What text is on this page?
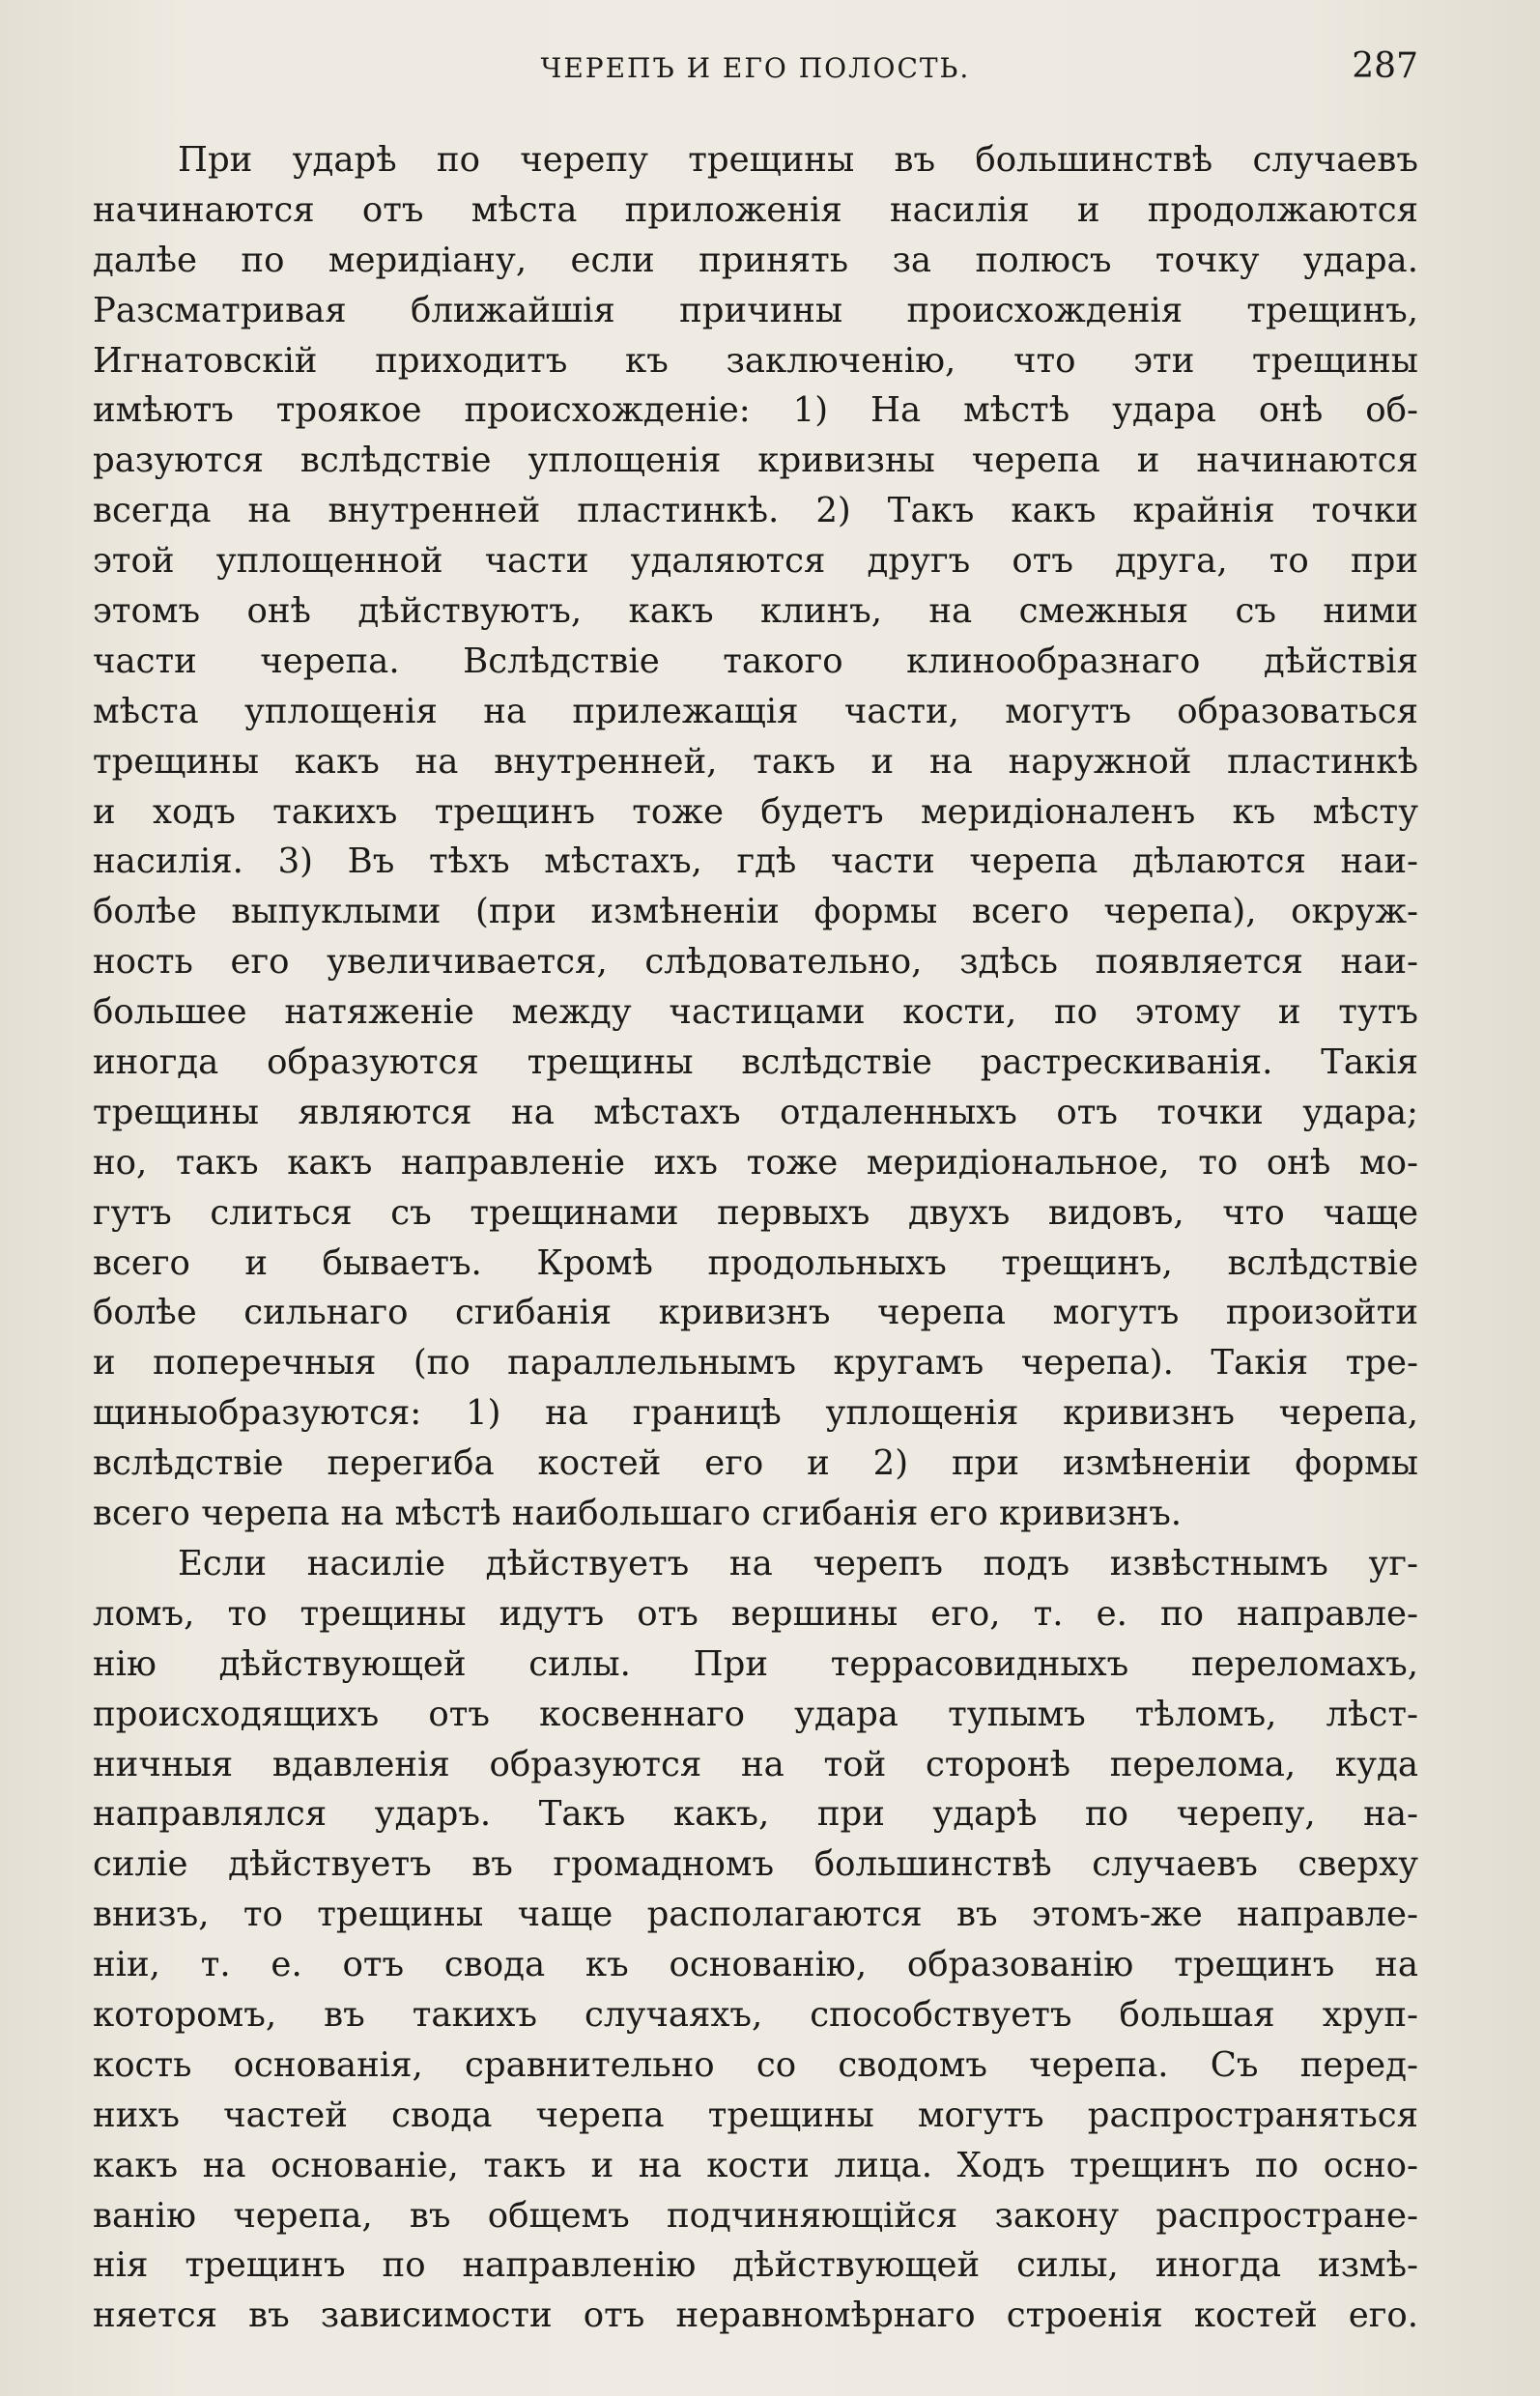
ЧЕРЕПЪ И ЕГО ПОЛОСТЬ.	287
При ударѣ по черепу трещины въ большинствѣ случаевъ
начинаются отъ мѣста приложенія насилія и продолжаются
далѣе по меридіану, если принять за полюсъ точку удара.
Разсматривая ближайшія причины происхожденія трещинъ,
Игнатовскій приходитъ къ заключенію, что эти трещины
имѣютъ троякое происхожденіе: 1) На мѣстѣ удара онѣ об-
разуются вслѣдствіе уплощенія кривизны черепа и начинаются
всегда на внутренней пластинкѣ. 2) Такъ какъ крайнія точки
этой уплощенной части удаляются другъ отъ друга, то при
этомъ онѣ дѣйствуютъ, какъ клинъ, на смежныя съ ними
части черепа. Вслѣдствіе такого клинообразнаго дѣйствія
мѣста уплощенія на прилежащія части, могутъ образоваться
трещины какъ на внутренней, такъ и на наружной пластинкѣ
и ходъ такихъ трещинъ тоже будетъ меридіоналенъ къ мѣсту
насилія. 3) Въ тѣхъ мѣстахъ, гдѣ части черепа дѣлаются наи-
болѣе выпуклыми (при измѣненіи формы всего черепа), окруж-
ность его увеличивается, слѣдовательно, здѣсь появляется наи-
большее натяженіе между частицами кости, по этому и тутъ
иногда образуются трещины вслѣдствіе растрескиванія. Такія
трещины являются на мѣстахъ отдаленныхъ отъ точки удара;
но, такъ какъ направленіе ихъ тоже меридіональное, то онѣ мо-
гутъ слиться съ трещинами первыхъ двухъ видовъ, что чаще
всего и бываетъ. Кромѣ продольныхъ трещинъ, вслѣдствіе
болѣе сильнаго сгибанія кривизнъ черепа могутъ произойти
и поперечныя (по параллельнымъ кругамъ черепа). Такія тре-
щиныобразуются: 1) на границѣ уплощенія кривизнъ черепа,
вслѣдствіе перегиба костей его и 2) при измѣненіи формы
всего черепа на мѣстѣ наибольшаго сгибанія его кривизнъ.
Если насиліе дѣйствуетъ на черепъ подъ извѣстнымъ уг-
ломъ, то трещины идутъ отъ вершины его, т. е. по направле-
нію дѣйствующей силы. При террасовидныхъ переломахъ,
происходящихъ отъ косвеннаго удара тупымъ тѣломъ, лѣст-
ничныя вдавленія образуются на той сторонѣ перелома, куда
направлялся ударъ. Такъ какъ, при ударѣ по черепу, на-
силіе дѣйствуетъ въ громадномъ большинствѣ случаевъ сверху
внизъ, то трещины чаще располагаются въ этомъ-же направле-
ніи, т. е. отъ свода къ основанію, образованію трещинъ на
которомъ, въ такихъ случаяхъ, способствуетъ большая хруп-
кость основанія, сравнительно со сводомъ черепа. Съ перед-
нихъ частей свода черепа трещины могутъ распространяться
какъ на основаніе, такъ и на кости лица. Ходъ трещинъ по осно-
ванію черепа, въ общемъ подчиняющійся закону распростране-
нія трещинъ по направленію дѣйствующей силы, иногда измѣ-
няется въ зависимости отъ неравномѣрнаго строенія костей его.
